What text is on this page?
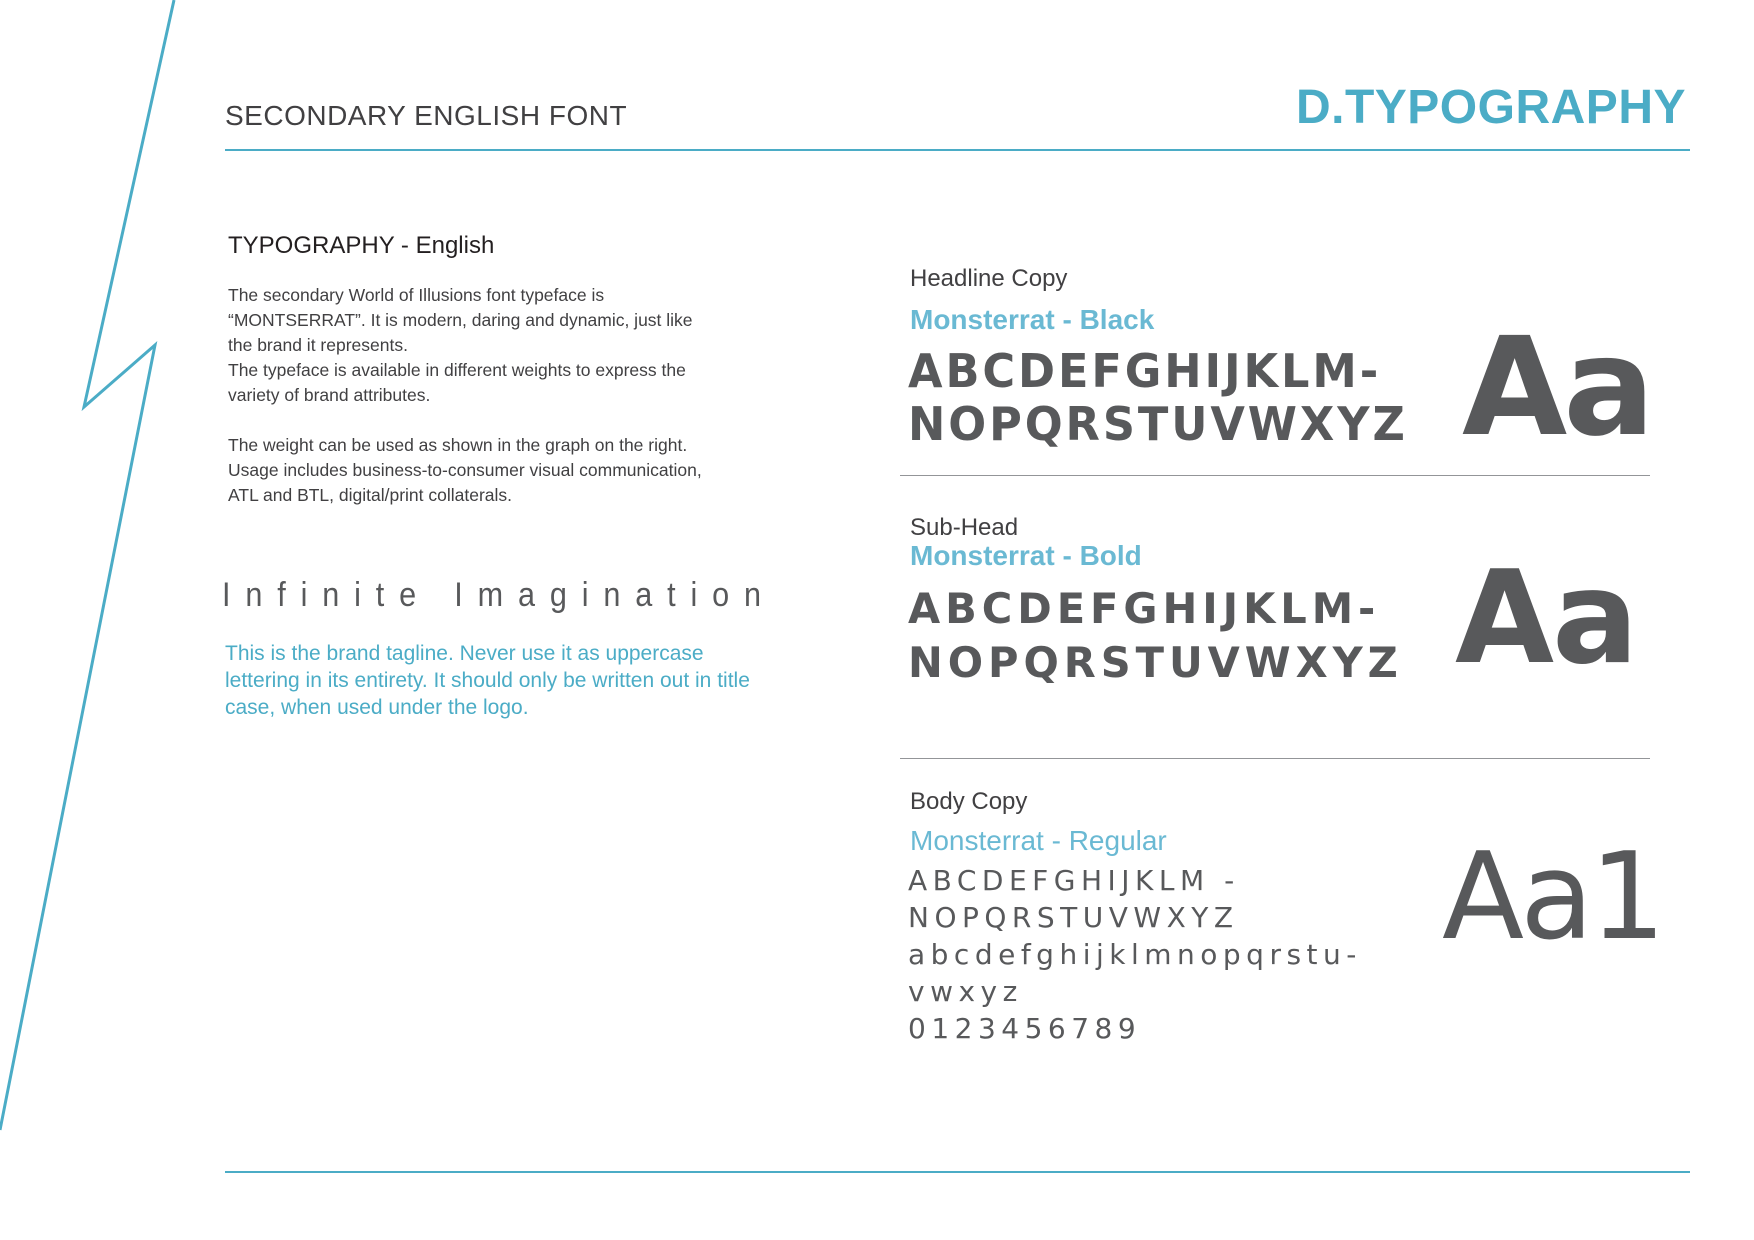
SECONDARY ENGLISH FONT	D.TYPOGRAPHY
TYPOGRAPHY - English

The secondary World of Illusions font typeface is

“MONTSERRAT”. It is modern, daring and dynamic, just like

the brand it represents.

The typeface is available in different weights to express the

variety of brand attributes.

The weight can be used as shown in the graph on the right.

Usage includes business-to-consumer visual communication,

ATL and BTL, digital/print collaterals.

Infinite Imagination
This is the brand tagline. Never use it as uppercase lettering in its entirety. It should only be written out in title case, when used under the logo.
Headline Copy
Monsterrat - Black
ABCDEFGHIJKLM-
NOPQRSTUVWXYZ Aa
Sub-Head
Monsterrat - Bold
ABCDEFGHIJKLM-
NOPQRSTUVWXYZ Aa
Body Copy
Monsterrat - Regular
ABCDEFGHIJKLM -
NOPQRSTUVWXYZ
abcdefghijklmnopqrstu-
vwxyz
0123456789
Aa1
